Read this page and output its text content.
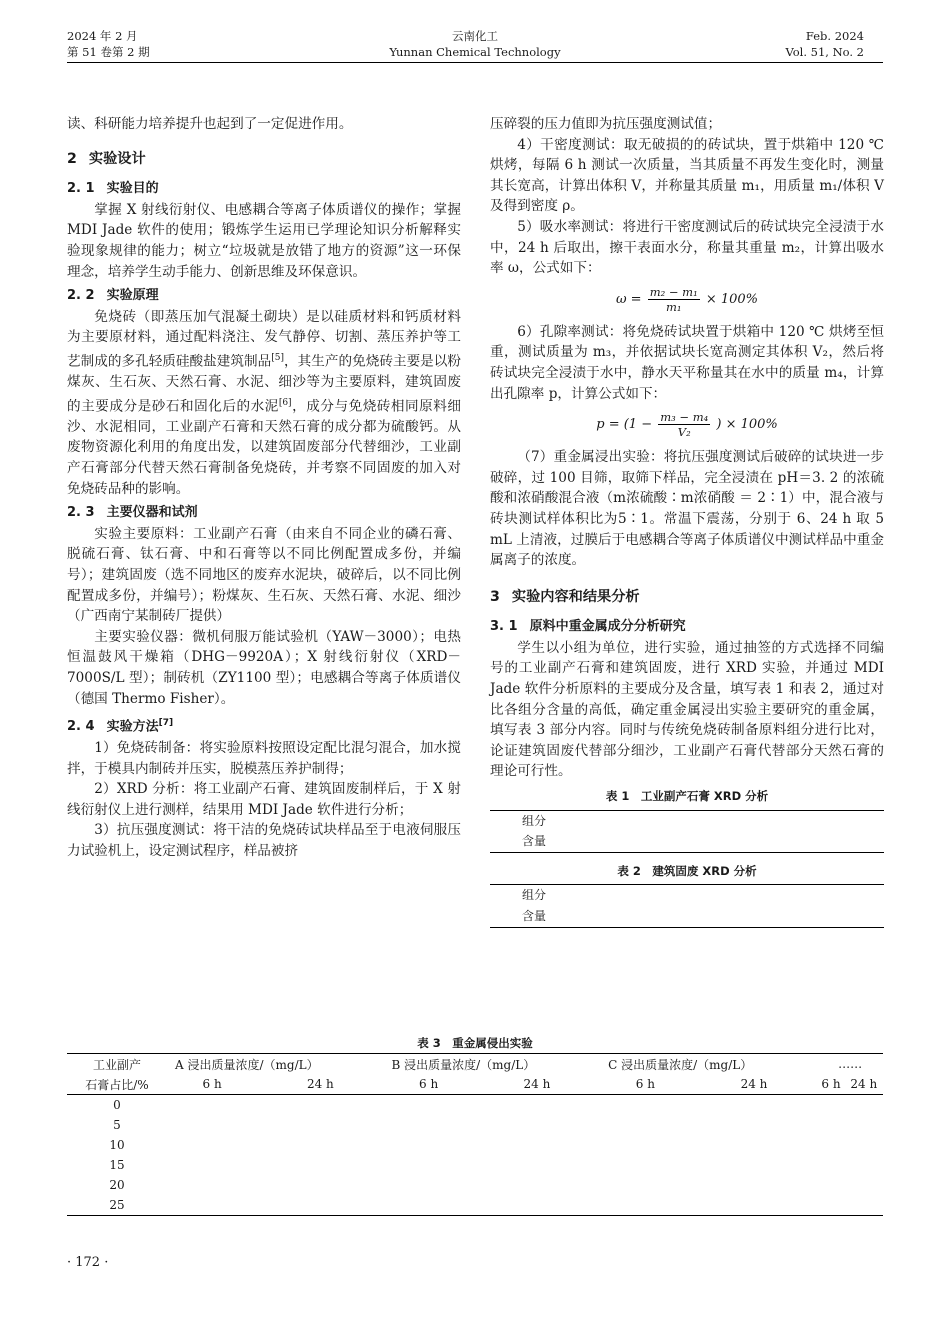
2024 年 2 月
第 51 卷第 2 期
云南化工
Yunnan Chemical Technology
Feb. 2024
Vol. 51, No. 2

读、科研能力培养提升也起到了一定促进作用。

2 实验设计
2. 1 实验目的

掌握 X 射线衍射仪、电感耦合等离子体质谱仪的操作；掌握 MDI Jade 软件的使用；锻炼学生运用已学理论知识分析解释实验现象规律的能力；树立“垃圾就是放错了地方的资源”这一环保理念，培养学生动手能力、创新思维及环保意识。

2. 2 实验原理

免烧砖（即蒸压加气混凝土砌块）是以硅质材料和钙质材料为主要原材料，通过配料浇注、发气静停、切割、蒸压养护等工艺制成的多孔轻质硅酸盐建筑制品[5]，其生产的免烧砖主要是以粉煤灰、生石灰、天然石膏、水泥、细沙等为主要原料，建筑固废的主要成分是砂石和固化后的水泥[6]，成分与免烧砖相同原料细沙、水泥相同，工业副产石膏和天然石膏的成分都为硫酸钙。从废物资源化利用的角度出发，以建筑固废部分代替细沙，工业副产石膏部分代替天然石膏制备免烧砖，并考察不同固废的加入对免烧砖品种的影响。

2. 3 主要仪器和试剂

实验主要原料：工业副产石膏（由来自不同企业的磷石膏、脱硫石膏、钛石膏、中和石膏等以不同比例配置成多份，并编号）；建筑固废（选不同地区的废弃水泥块，破碎后，以不同比例配置成多份，并编号）；粉煤灰、生石灰、天然石膏、水泥、细沙（广西南宁某制砖厂提供）

主要实验仪器：微机伺服万能试验机（YAW－3000）；电热恒温鼓风干燥箱（DHG－9920A）；X 射线衍射仪（XRD－7000S/L 型）；制砖机（ZY1100 型）；电感耦合等离子体质谱仪（德国 Thermo Fisher）。

2. 4 实验方法[7]

1）免烧砖制备：将实验原料按照设定配比混匀混合，加水搅拌，于模具内制砖并压实，脱模蒸压养护制得；

2）XRD 分析：将工业副产石膏、建筑固废制样后，于 X 射线衍射仪上进行测样，结果用 MDI Jade 软件进行分析；

3）抗压强度测试：将干洁的免烧砖试块样品至于电液伺服压力试验机上，设定测试程序，样品被挤

压碎裂的压力值即为抗压强度测试值；

4）干密度测试：取无破损的的砖试块，置于烘箱中 120 ℃ 烘烤，每隔 6 h 测试一次质量，当其质量不再发生变化时，测量其长宽高，计算出体积 V，并称量其质量 m₁，用质量 m₁/体积 V 及得到密度 ρ。

5）吸水率测试：将进行干密度测试后的砖试块完全浸渍于水中，24 h 后取出，擦干表面水分，称量其重量 m₂，计算出吸水率 ω，公式如下：

$\omega = \frac{\text{m₂ − m₁}}{\text{m₁}} \times 100\%$

6）孔隙率测试：将免烧砖试块置于烘箱中 120 ℃ 烘烤至恒重，测试质量为 m₃，并依据试块长宽高测定其体积 V₂，然后将砖试块完全浸渍于水中，静水天平称量其在水中的质量 m₄，计算出孔隙率 p，计算公式如下：

$p = (1 - \frac{\text{m₃ − m₄}}{\text{V₂}}$ ) × 100%

（7）重金属浸出实验：将抗压强度测试后破碎的试块进一步破碎，过 100 目筛，取筛下样品，完全浸渍在 pH＝3. 2 的浓硫酸和浓硝酸混合液（m浓硫酸∶m浓硝酸 ＝ 2∶1）中，混合液与砖块测试样体积比为5∶1。常温下震荡，分别于 6、24 h 取 5 mL 上清液，过膜后于电感耦合等离子体质谱仪中测试样品中重金属离子的浓度。

3 实验内容和结果分析
3. 1 原料中重金属成分分析研究

学生以小组为单位，进行实验，通过抽签的方式选择不同编号的工业副产石膏和建筑固废，进行 XRD 实验，并通过 MDI Jade 软件分析原料的主要成分及含量，填写表 1 和表 2，通过对比各组分含量的高低，确定重金属浸出实验主要研究的重金属，填写表 3 部分内容。同时与传统免烧砖制备原料组分进行比对，论证建筑固废代替部分细沙，工业副产石膏代替部分天然石膏的理论可行性。

表 1　工业副产石膏 XRD 分析
组分
含量
表 2　建筑固废 XRD 分析
组分
含量
表 3　重金属侵出实验
工业副产	A 浸出质量浓度/（mg/L）		B 浸出质量浓度/（mg/L）		C 浸出质量浓度/（mg/L）		……	
石膏占比/%	6 h	24 h	6 h	24 h	6 h	24 h	6 h	24 h
0								
5								
10								
15								
20								
25								
· 172 ·
